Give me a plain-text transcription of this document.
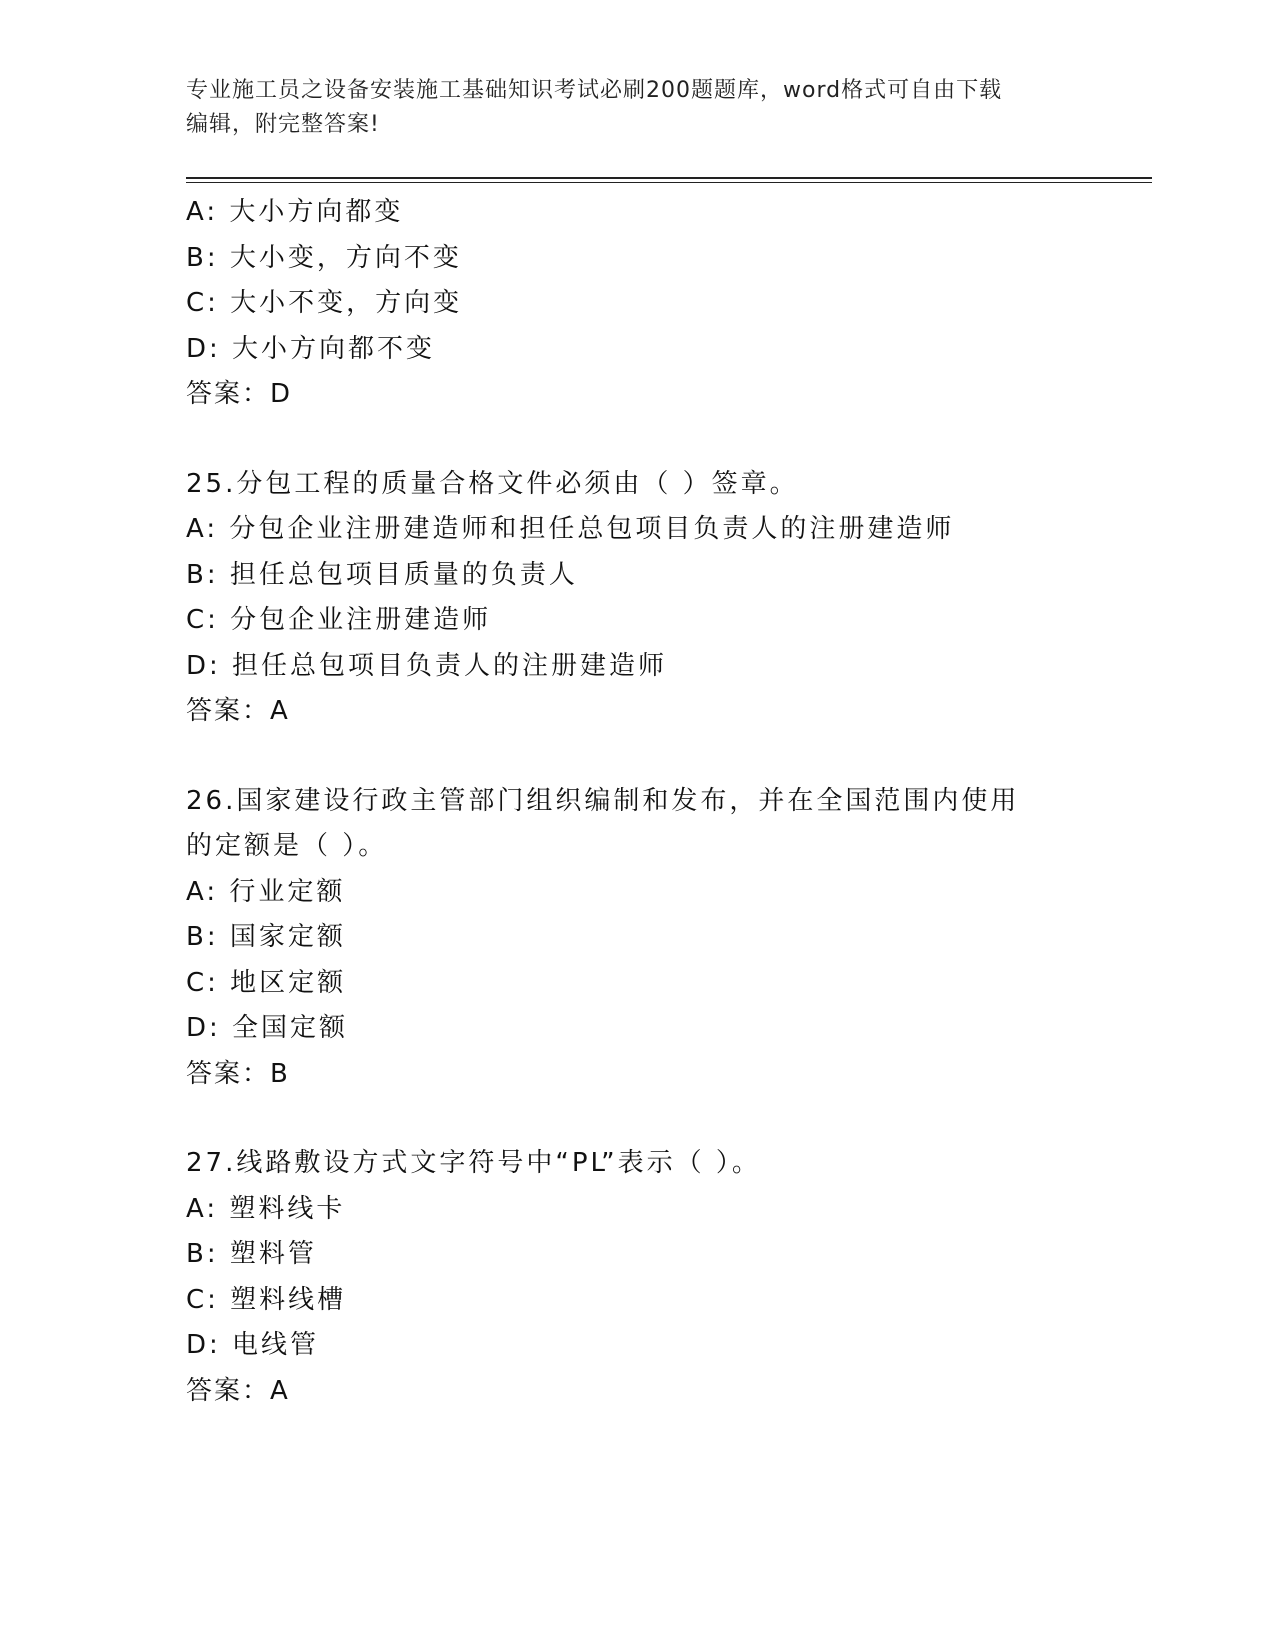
专业施工员之设备安装施工基础知识考试必刷200题题库，word格式可自由下载
编辑，附完整答案!
A: 大小方向都变
B: 大小变，方向不变
C: 大小不变，方向变
D: 大小方向都不变
答案：D
25.分包工程的质量合格文件必须由（ ）签章。
A: 分包企业注册建造师和担任总包项目负责人的注册建造师
B: 担任总包项目质量的负责人
C: 分包企业注册建造师
D: 担任总包项目负责人的注册建造师
答案：A
26.国家建设行政主管部门组织编制和发布，并在全国范围内使用的定额是（ ）。
A: 行业定额
B: 国家定额
C: 地区定额
D: 全国定额
答案：B
27.线路敷设方式文字符号中“PL”表示（ ）。
A: 塑料线卡
B: 塑料管
C: 塑料线槽
D: 电线管
答案：A
